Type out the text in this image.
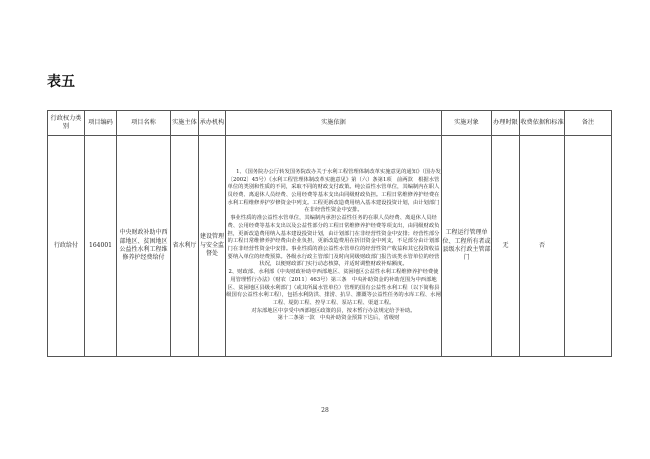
表五
行政权力类别	项目编码	项目名称	实施主体	承办机构	实施依据	实施对象	办理时限	收费依据和标准	备注
行政给付	164001	中央财政补助中西部地区、贫困地区公益性水利工程维修养护经费给付	省水利厅	建设管理与安全监督处	1、《国务院办公厅转发国务院改办关于水利工程管理体制改革实施意见的通知》（国办发〔2002〕45号）《水利工程管理体制改革实施意见》第（六）条第1项　前两款　根据水管单位的类别和性质的不同，采取不同的财政支付政策。纯公益性水管单位，其编制内在职人员经费、离退休人员经费、公用经费等基本支出由同级财政负担。工程日常维修养护经费在水利工程维修养护岁修资金中列支。工程更新改造费用纳入基本建设投资计划，由计划部门在非经营性资金中安排。

事业性质的准公益性水管单位，其编制内承担公益性任务的在职人员经费、离退休人员经费、公用经费等基本支出以及公益性部分的工程日常维修养护经费等项支出，由同级财政负担，更新改造费用纳入基本建设投资计划，由计划部门在非经营性资金中安排；经营性部分的工程日常维修养护经费由企业负担，更新改造费用在折旧资金中列支，不足部分由计划部门在非经营性资金中安排。事业性质的准公益性水管单位的经营性资产收益和其它投资收益要纳入单位的经费预算。各级水行政主管部门及时向同级财政部门报告该类水管单位的经营状况，以便财政部门实行动态核算，并适时调整财政补贴额度。

2、财政部、水利部《中央财政补助中西部地区、贫困地区公益性水利工程维修养护经费使用管理暂行办法》（财农〔2011〕463号）第三条　中央补助资金的补助范围为中西部地区、贫困地区县级水利部门（或其所属水管单位）管理的国有公益性水利工程（以下简称县级国有公益性水利工程），包括水利防洪、排涝、抗旱、灌溉等公益性任务的水库工程、水闸工程、堤防工程、控导工程、泵站工程、渠道工程。

对东部地区中享受中西部地区政策的县，按本暂行办法规定给予补助。

第十二条第一款　中央补助资金预算下达后，省级财	工程运行管理单位、工程所有者或县级水行政主管部门	无	否	
28
